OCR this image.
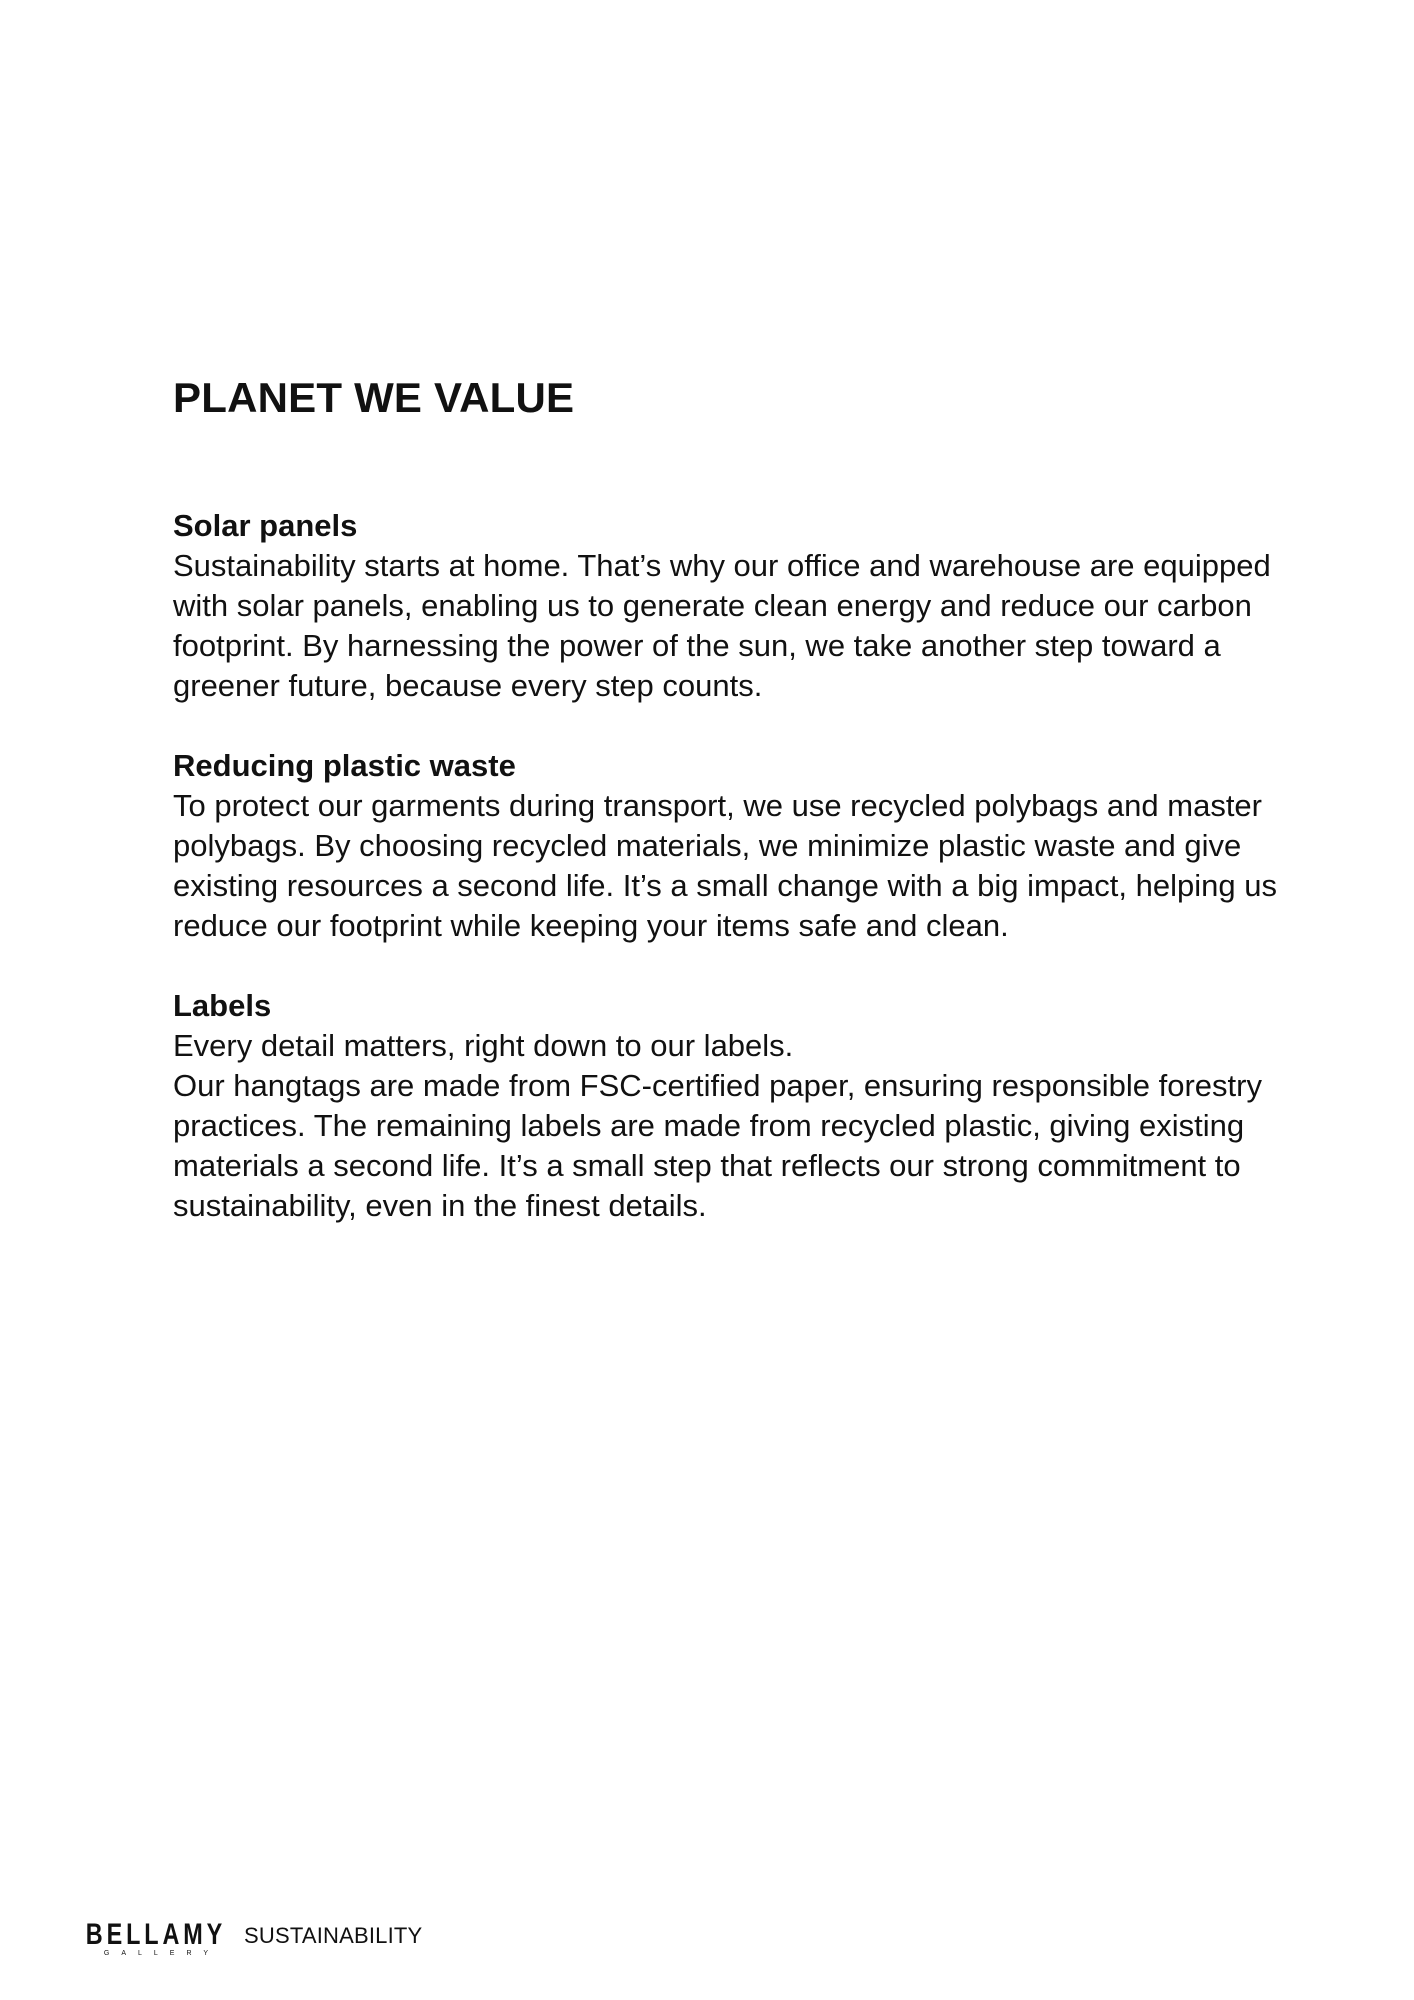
PLANET WE VALUE
Solar panels

Sustainability starts at home. That’s why our office and warehouse are equipped with solar panels, enabling us to generate clean energy and reduce our carbon footprint. By harnessing the power of the sun, we take another step toward a greener future, because every step counts.

Reducing plastic waste

To protect our garments during transport, we use recycled polybags and master polybags. By choosing recycled materials, we minimize plastic waste and give existing resources a second life. It’s a small change with a big impact, helping us reduce our footprint while keeping your items safe and clean.

Labels

Every detail matters, right down to our labels.

Our hangtags are made from FSC-certified paper, ensuring responsible forestry practices. The remaining labels are made from recycled plastic, giving existing materials a second life. It’s a small step that reflects our strong commitment to sustainability, even in the finest details.

BELLAMY
GALLERY
SUSTAINABILITY
